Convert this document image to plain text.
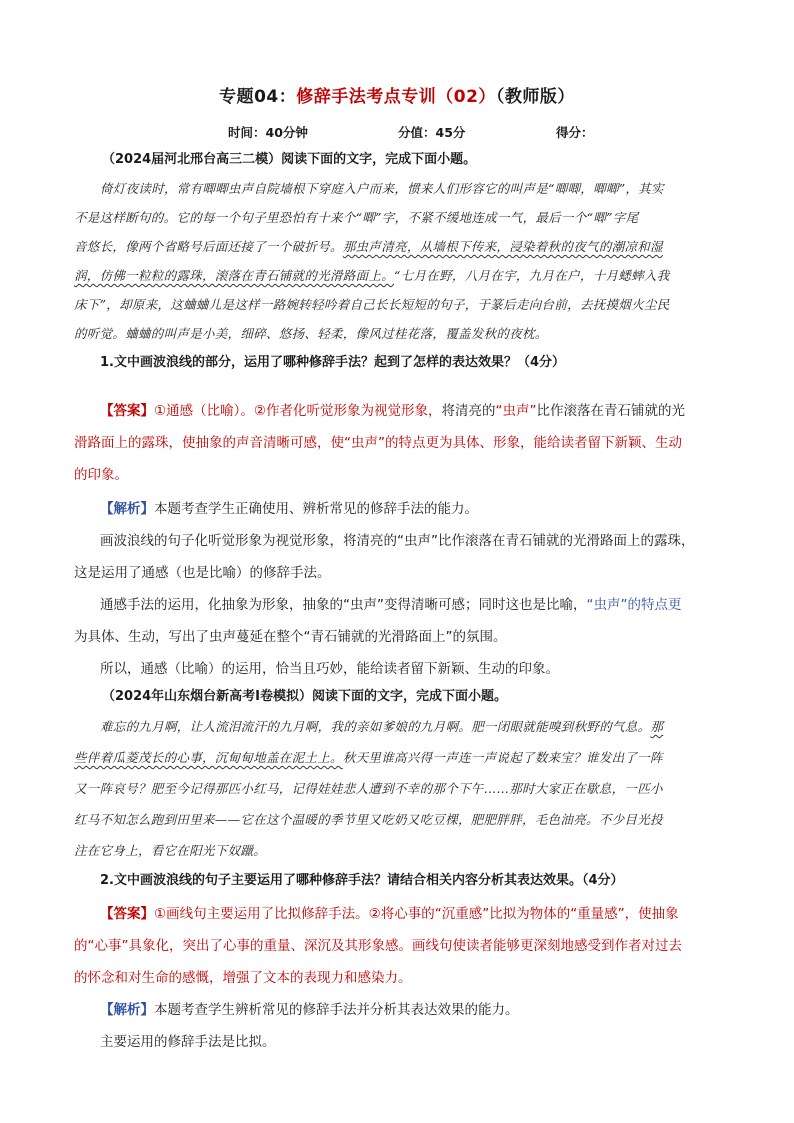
专题04：修辞手法考点专训（02）（教师版）
时间：40分钟	分值：45分	得分：
（2024届河北邢台高三二模）阅读下面的文字，完成下面小题。
倚灯夜读时，常有唧唧虫声自院墙根下穿庭入户而来，惯来人们形容它的叫声是“唧唧，唧唧”，其实
不是这样断句的。它的每一个句子里恐怕有十来个“唧”字，不紧不缓地连成一气，最后一个“唧”字尾
音悠长，像两个省略号后面还接了一个破折号。那虫声清亮，从墙根下传来，浸染着秋的夜气的潮凉和湿
润，仿佛一粒粒的露珠，滚落在青石铺就的光滑路面上。“七月在野，八月在宇，九月在户，十月蟋蟀入我
床下”，却原来，这蛐蛐儿是这样一路婉转轻吟着自己长长短短的句子，于篆后走向台前，去抚摸烟火尘民
的听觉。蛐蛐的叫声是小美，细碎、悠扬、轻柔，像风过桂花落，覆盖发秋的夜枕。
1.文中画波浪线的部分，运用了哪种修辞手法？起到了怎样的表达效果？（4分）
【答案】①通感（比喻）。②作者化听觉形象为视觉形象，将清亮的“虫声”比作滚落在青石铺就的光
滑路面上的露珠，使抽象的声音清晰可感，使“虫声”的特点更为具体、形象，能给读者留下新颖、生动
的印象。
【解析】本题考查学生正确使用、辨析常见的修辞手法的能力。
画波浪线的句子化听觉形象为视觉形象，将清亮的“虫声”比作滚落在青石铺就的光滑路面上的露珠，
这是运用了通感（也是比喻）的修辞手法。
通感手法的运用，化抽象为形象，抽象的“虫声”变得清晰可感；同时这也是比喻，“虫声”的特点更
为具体、生动，写出了虫声蔓延在整个“青石铺就的光滑路面上”的氛围。
所以，通感（比喻）的运用，恰当且巧妙，能给读者留下新颖、生动的印象。
（2024年山东烟台新高考Ⅰ卷模拟）阅读下面的文字，完成下面小题。
难忘的九月啊，让人流泪流汗的九月啊，我的亲如爹娘的九月啊。肥一闭眼就能嗅到秋野的气息。那
些伴着瓜菱茂长的心事，沉甸甸地盖在泥土上。秋天里谁高兴得一声连一声说起了数来宝？谁发出了一阵
又一阵哀号？肥至今记得那匹小红马，记得娃娃悲人遭到不幸的那个下午……那时大家正在歇息，一匹小
红马不知怎么跑到田里来——它在这个温暖的季节里又吃奶又吃豆棵，肥肥胖胖，毛色油亮。不少目光投
注在它身上，看它在阳光下奴躐。
2.文中画波浪线的句子主要运用了哪种修辞手法？请结合相关内容分析其表达效果。（4分）
【答案】①画线句主要运用了比拟修辞手法。②将心事的“沉重感”比拟为物体的“重量感”，使抽象
的“心事”具象化，突出了心事的重量、深沉及其形象感。画线句使读者能够更深刻地感受到作者对过去
的怀念和对生命的感慨，增强了文本的表现力和感染力。
【解析】本题考查学生辨析常见的修辞手法并分析其表达效果的能力。
主要运用的修辞手法是比拟。
